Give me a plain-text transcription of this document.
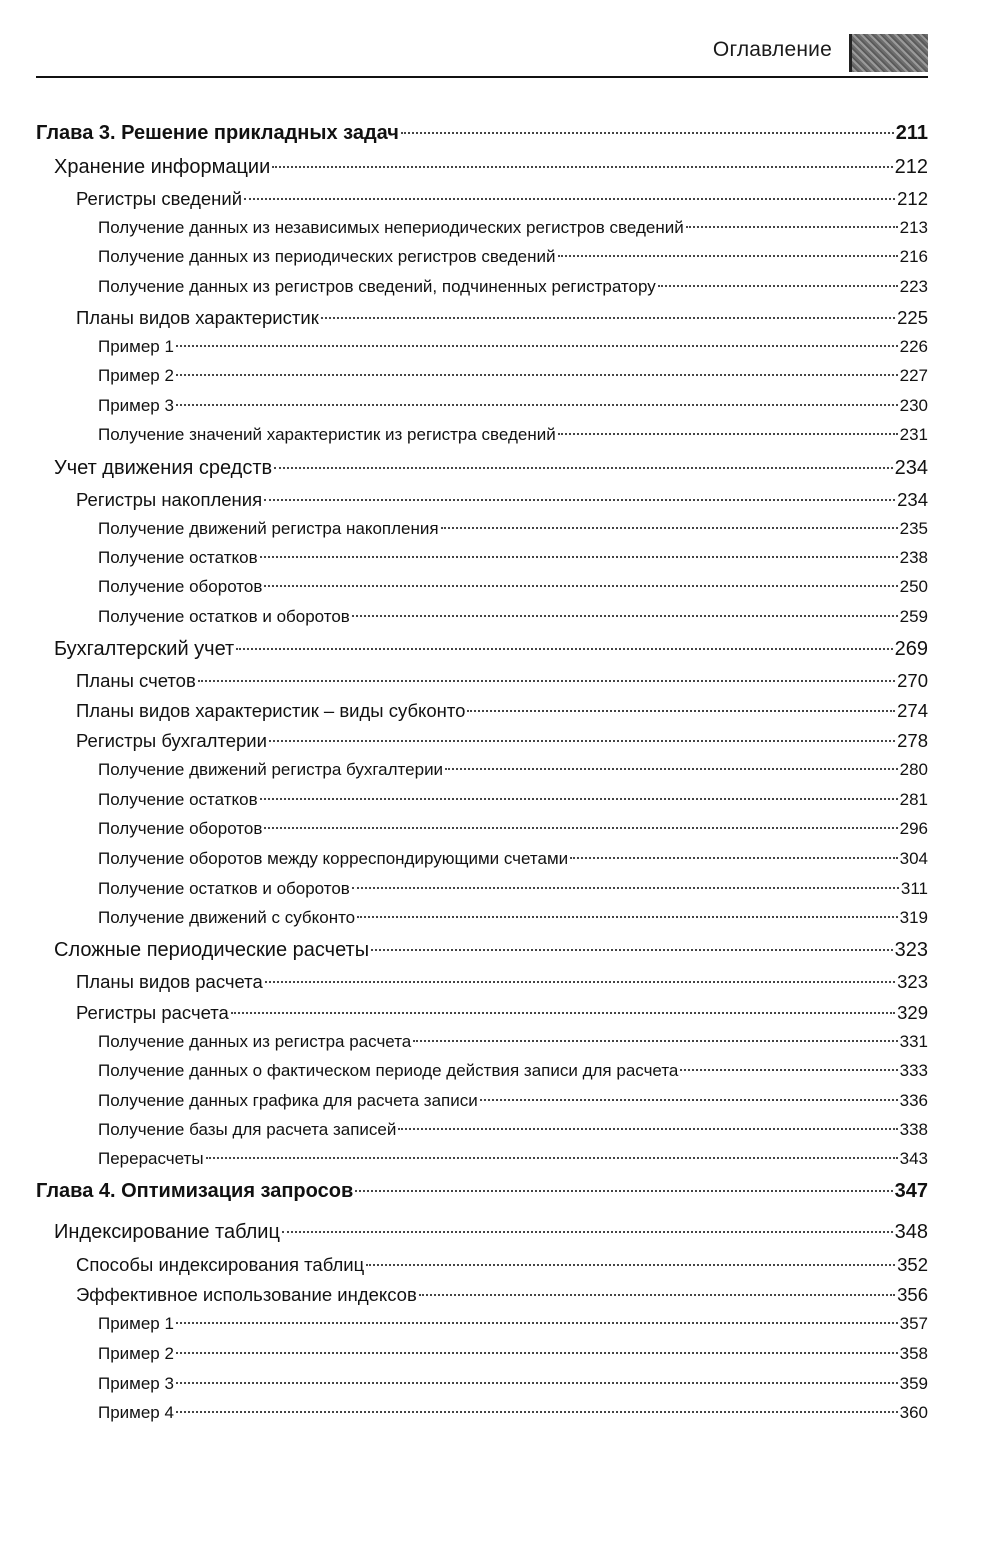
Оглавление
Глава 3. Решение прикладных задач	211
Хранение информации	212
Регистры сведений	212
Получение данных из независимых непериодических регистров сведений	213
Получение данных из периодических регистров сведений	216
Получение данных из регистров сведений, подчиненных регистратору	223
Планы видов характеристик	225
Пример 1	226
Пример 2	227
Пример 3	230
Получение значений характеристик из регистра сведений	231
Учет движения средств	234
Регистры накопления	234
Получение движений регистра накопления	235
Получение остатков	238
Получение оборотов	250
Получение остатков и оборотов	259
Бухгалтерский учет	269
Планы счетов	270
Планы видов характеристик – виды субконто	274
Регистры бухгалтерии	278
Получение движений регистра бухгалтерии	280
Получение остатков	281
Получение оборотов	296
Получение оборотов между корреспондирующими счетами	304
Получение остатков и оборотов	311
Получение движений с субконто	319
Сложные периодические расчеты	323
Планы видов расчета	323
Регистры расчета	329
Получение данных из регистра расчета	331
Получение данных о фактическом периоде действия записи для расчета	333
Получение данных графика для расчета записи	336
Получение базы для расчета записей	338
Перерасчеты	343
Глава 4. Оптимизация запросов	347
Индексирование таблиц	348
Способы индексирования таблиц	352
Эффективное использование индексов	356
Пример 1	357
Пример 2	358
Пример 3	359
Пример 4	360
